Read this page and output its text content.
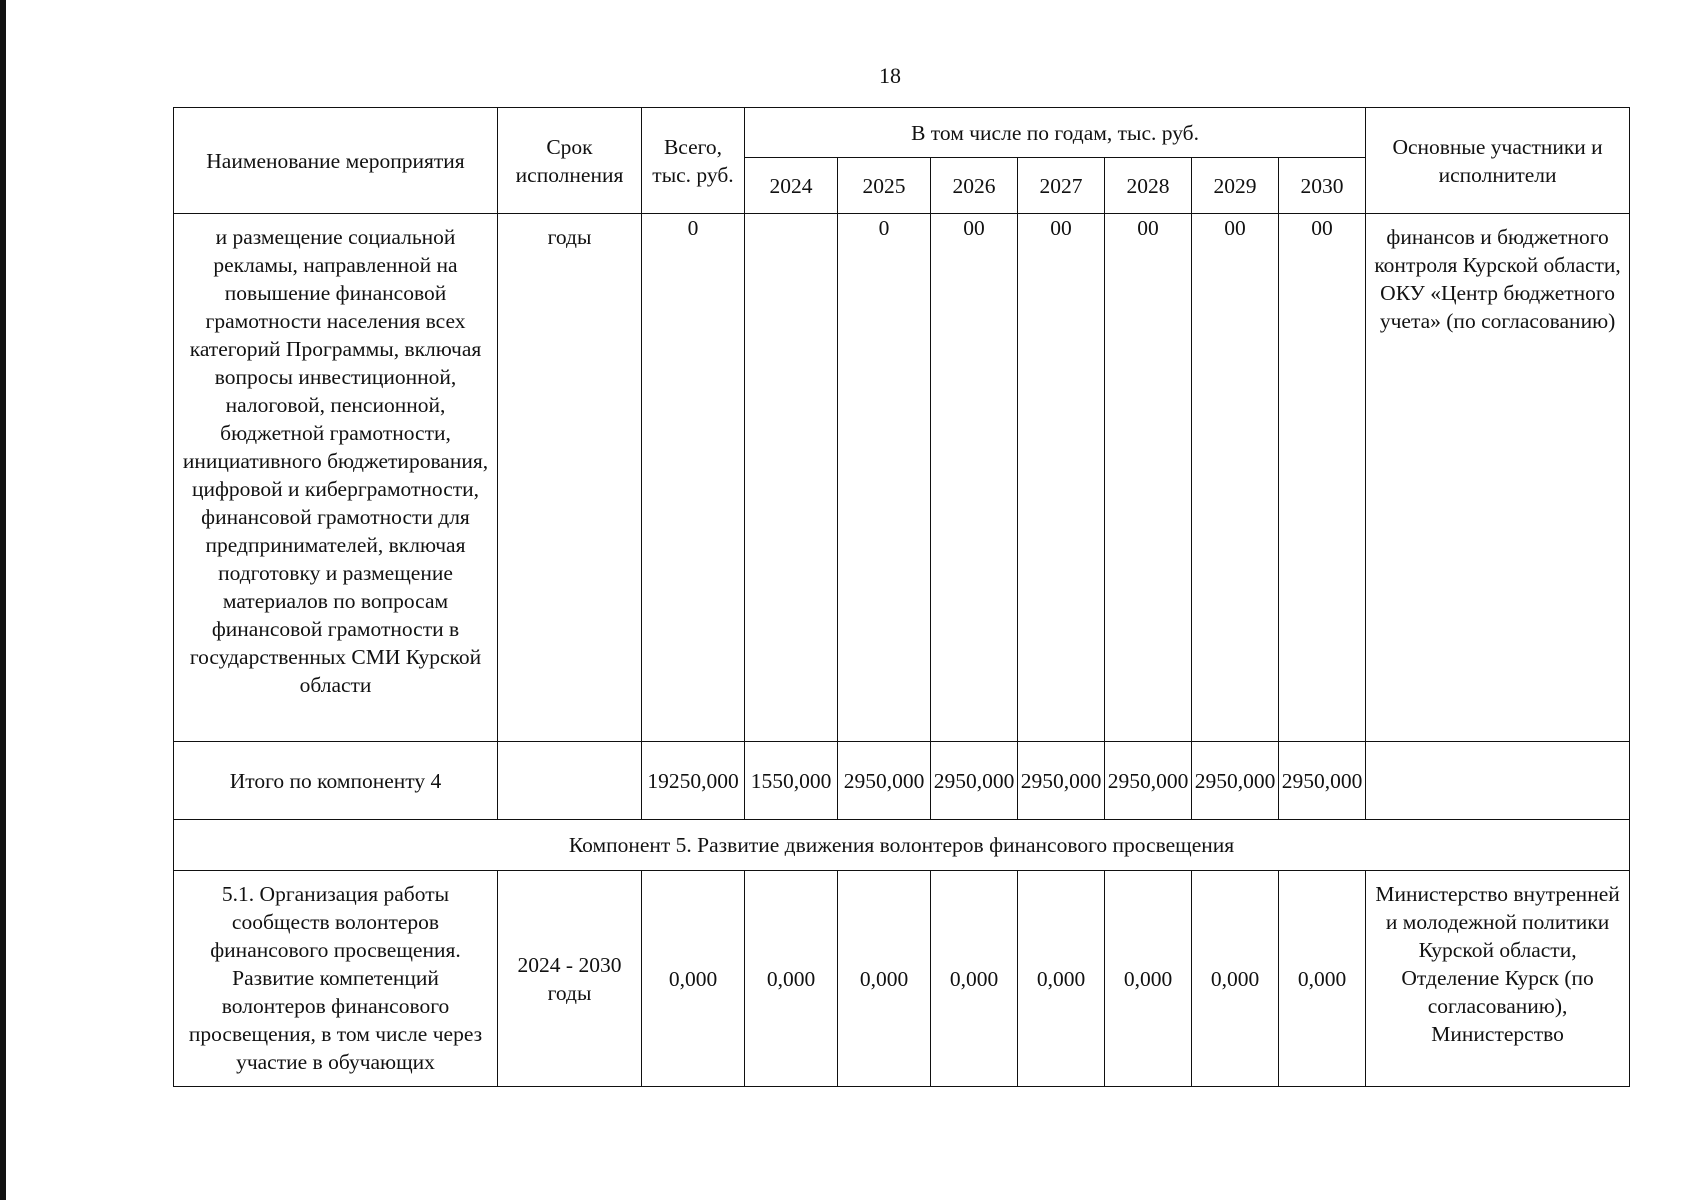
18
Наименование мероприятия	Срок исполнения	Всего, тыс. руб.	В том числе по годам, тыс. руб.							Основные участники и исполнители
			2024	2025	2026	2027	2028	2029	2030	
и размещение социальной рекламы, направленной на повышение финансовой грамотности населения всех категорий Программы, включая вопросы инвестиционной, налоговой, пенсионной, бюджетной грамотности, инициативного бюджетирования, цифровой и киберграмотности, финансовой грамотности для предпринимателей, включая подготовку и размещение материалов по вопросам финансовой грамотности в государственных СМИ Курской области	годы	0		0	00	00	00	00	00	финансов и бюджетного контроля Курской области, ОКУ «Центр бюджетного учета» (по согласованию)
Итого по компоненту 4		19250,000	1550,000	2950,000	2950,000	2950,000	2950,000	2950,000	2950,000	
Компонент 5. Развитие движения волонтеров финансового просвещения										
5.1. Организация работы сообществ волонтеров финансового просвещения. Развитие компетенций волонтеров финансового просвещения, в том числе через участие в обучающих	2024 - 2030 годы	0,000	0,000	0,000	0,000	0,000	0,000	0,000	0,000	Министерство внутренней и молодежной политики Курской области, Отделение Курск (по согласованию), Министерство
